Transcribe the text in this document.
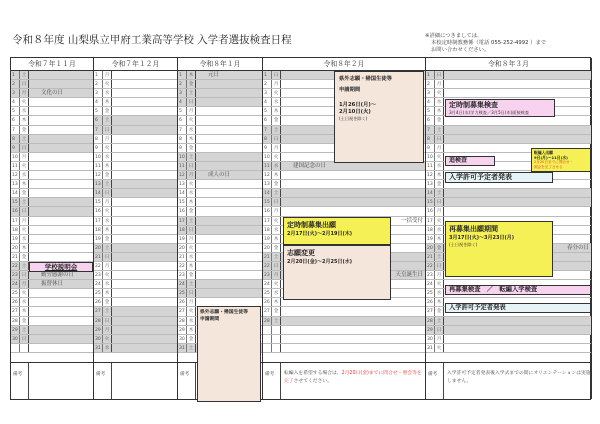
令和８年度 山梨県立甲府工業高等学校 入学者選抜検査日程	※詳細につきましては、
本校定時制教務係（電話 055-252-4992 ）まで
お問い合わせください。
令和７年１１月
1	土
2	日
3	月	文化の日
4	火
5	水
6	木
7	金
8	土
9	日
10 月
11 火
12 水
13 木
14 金
15 土
16 日
17 月
18 火
19 水
20 木
21 金
22 土
23 日	勤労感謝の日
24 月	振替休日
25 火
26 水
27 木
28 金
29 土
30 日
備考
令和７年１２月
1	月
2	火
3	水
4	木
5	金
6	土
7	日
8	月
9	火
10 水
11 木
12 金
13 土
14 日
15 月
16 火
17 水
18 木
19 金
20 土
21 日
22 月
23 火
24 水
25 木
26 金
27 土
28 日
29 月
30 火
31 水
備考
令和８年１月
1	木	元日
2	金
3	土
4	日
5	月
6	火
7	水
8	木
9	金
10 土
11 日
12 月	成人の日
13 火
14 水
15 木
16 金
17 土
18 日
19 月
20 火
21 水
22 木
23 金
24 土
25 日
26 月
27 火
28 水
29 木
30 金
31 土
備考
令和８年２月
1	日
2	月
3	火
4	水
5	木
6	金
7	土
8	日
9	月
10 火
11 水	建国記念の日
12 木
13 金
14 土
15 日
16 月
17 火	一括受付
18 水
19 木
20 金
21 土
22 日
23 月	天皇誕生日
24 火
25 水
26 木
27 金
28 土
備考	転編入を希望する場合は、2月20日(金)までに問合せ・照会等を完了させてください。
令和８年３月
1	日
2	月
3	火
4	水
5	木
6	金
7	土
8	日
9	月
10 火
11 水
12 木
13 金
14 土
15 日
16 月
17 火
18 水
19 木
20 金	春分の日
21 土
22 日
23 月
24 火
25 水
26 木
27 金
28 土
29 日
30 月
31 火
備考	入学許可予定者発表後入学式までの間にオリエンテーションは実施しません。
学校説明会
県外志願・帰国生徒等
申請期間
県外志願・帰国生徒等
申請期間
1月26日(月)～
2月10日(火)
(土日祝を除く)
定時制募集出願
2月17日(火)～2月19日(木)
志願変更
2月20日(金)～2月25日(水)
定時制募集検査
3月4日(水)学力検査／3月5日(木)面接検査
追検査
転編入出願
9日(月)～11日(水)
2月20日までに問合せ・
照会を完了させる
入学許可予定者発表
再募集出願期間
3月17日(火)～3月23日(月)
(土日祝を除く)
再募集検査　／　転編入学検査
入学許可予定者発表
